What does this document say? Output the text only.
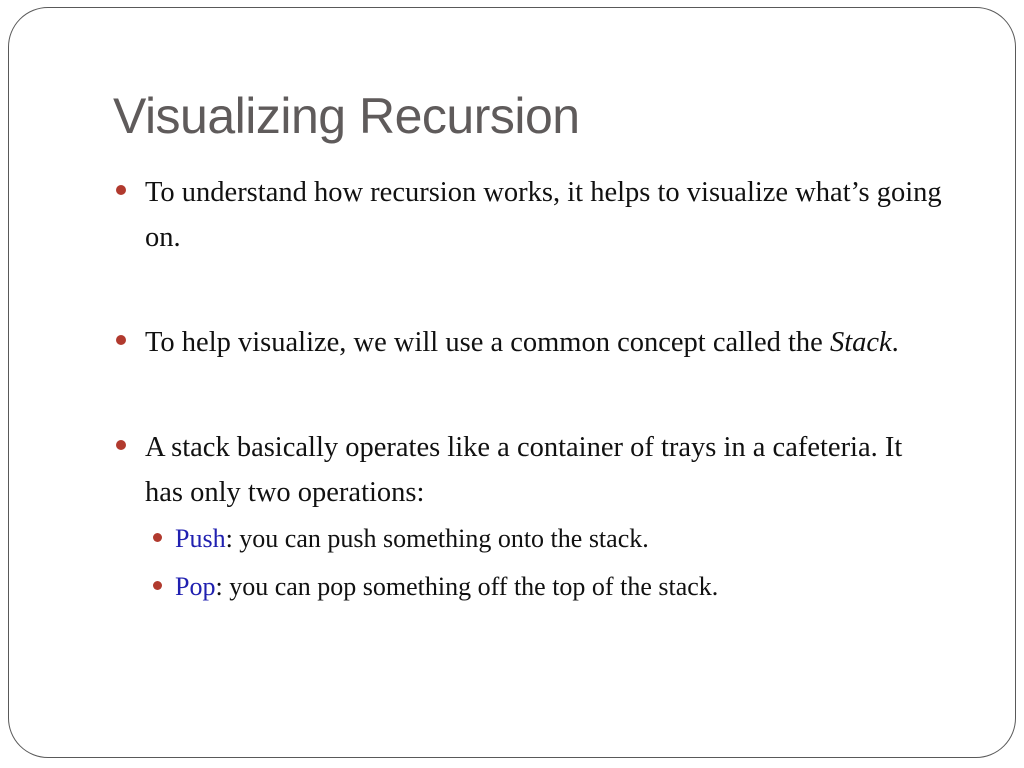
Visualizing Recursion
To understand how recursion works, it helps to visualize what’s going on.
To help visualize, we will use a common concept called the Stack.
A stack basically operates like a container of trays in a cafeteria. It has only two operations:
Push: you can push something onto the stack.
Pop: you can pop something off the top of the stack.
